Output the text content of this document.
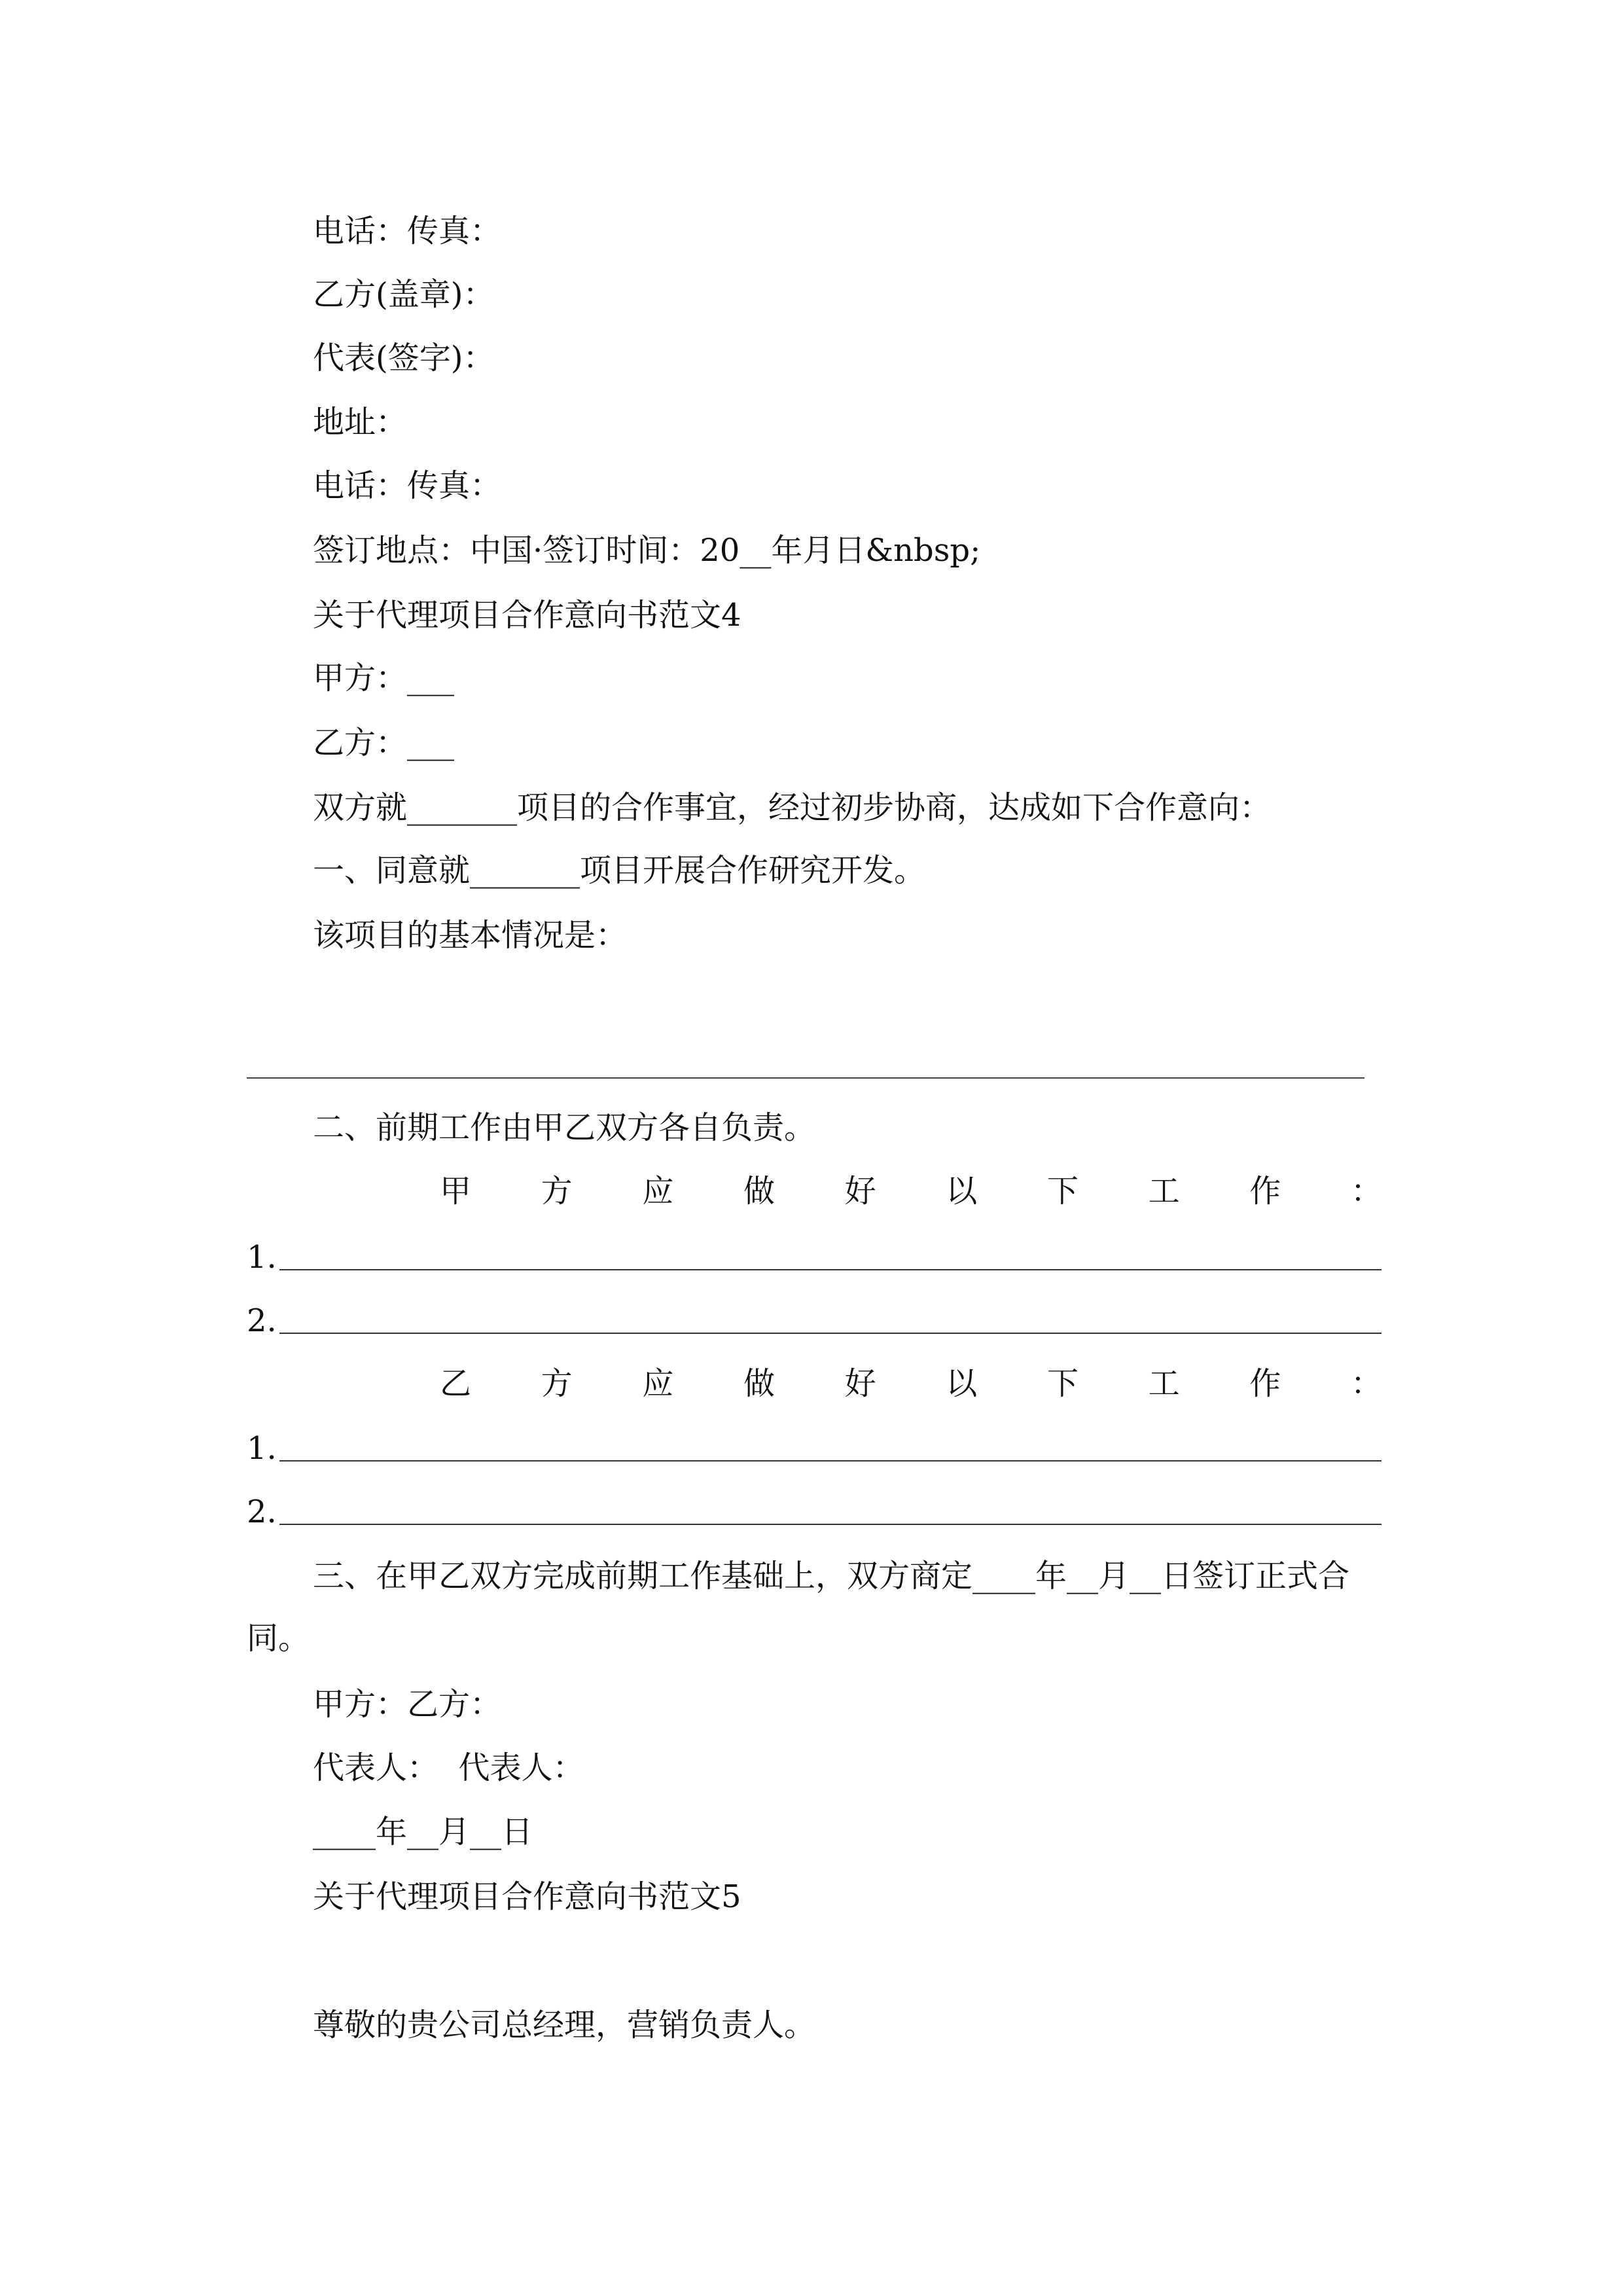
电话：传真：
乙方(盖章)：
代表(签字)：
地址：
电话：传真：
签订地点：中国·签订时间：20__年月日&nbsp;
关于代理项目合作意向书范文4
甲方：___
乙方：___
双方就_______项目的合作事宜，经过初步协商，达成如下合作意向：
一、同意就_______项目开展合作研究开发。
该项目的基本情况是：
二、前期工作由甲乙双方各自负责。
甲 方 应 做 好 以 下 工 作 ：
1.
2.
乙 方 应 做 好 以 下 工 作 ：
1.
2.
三、在甲乙双方完成前期工作基础上，双方商定____年__月__日签订正式合
同。
甲方：乙方：
代表人：  代表人：
____年__月__日
关于代理项目合作意向书范文5
尊敬的贵公司总经理，营销负责人。
